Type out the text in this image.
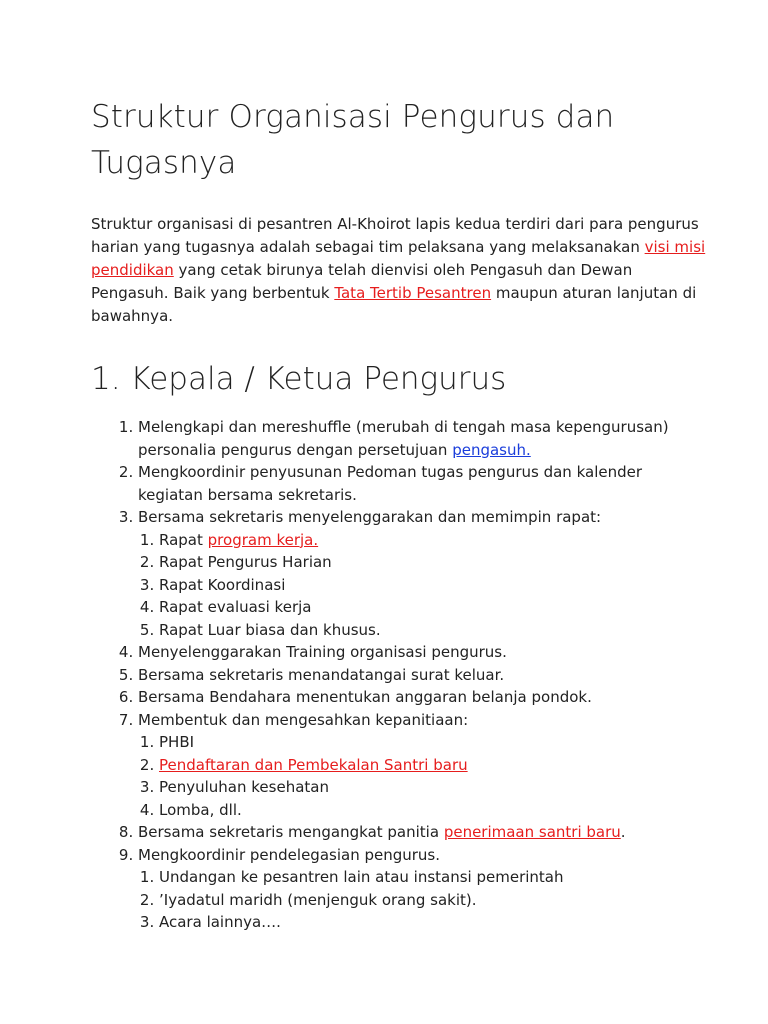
Struktur Organisasi Pengurus dan Tugasnya

Struktur organisasi di pesantren Al-Khoirot lapis kedua terdiri dari para pengurus harian yang tugasnya adalah sebagai tim pelaksana yang melaksanakan visi misi pendidikan yang cetak birunya telah dienvisi oleh Pengasuh dan Dewan Pengasuh. Baik yang berbentuk Tata Tertib Pesantren maupun aturan lanjutan di bawahnya.

1. Kepala / Ketua Pengurus
1. Melengkapi dan mereshuffle (merubah di tengah masa kepengurusan) personalia pengurus dengan persetujuan pengasuh.
2. Mengkoordinir penyusunan Pedoman tugas pengurus dan kalender kegiatan bersama sekretaris.
3. Bersama sekretaris menyelenggarakan dan memimpin rapat:
1. Rapat program kerja.
2. Rapat Pengurus Harian
3. Rapat Koordinasi
4. Rapat evaluasi kerja
5. Rapat Luar biasa dan khusus.
4. Menyelenggarakan Training organisasi pengurus.
5. Bersama sekretaris menandatangai surat keluar.
6. Bersama Bendahara menentukan anggaran belanja pondok.
7. Membentuk dan mengesahkan kepanitiaan:
1. PHBI
2. Pendaftaran dan Pembekalan Santri baru
3. Penyuluhan kesehatan
4. Lomba, dll.
8. Bersama sekretaris mengangkat panitia penerimaan santri baru.
9. Mengkoordinir pendelegasian pengurus.
1. Undangan ke pesantren lain atau instansi pemerintah
2. ’Iyadatul maridh (menjenguk orang sakit).
3. Acara lainnya….
